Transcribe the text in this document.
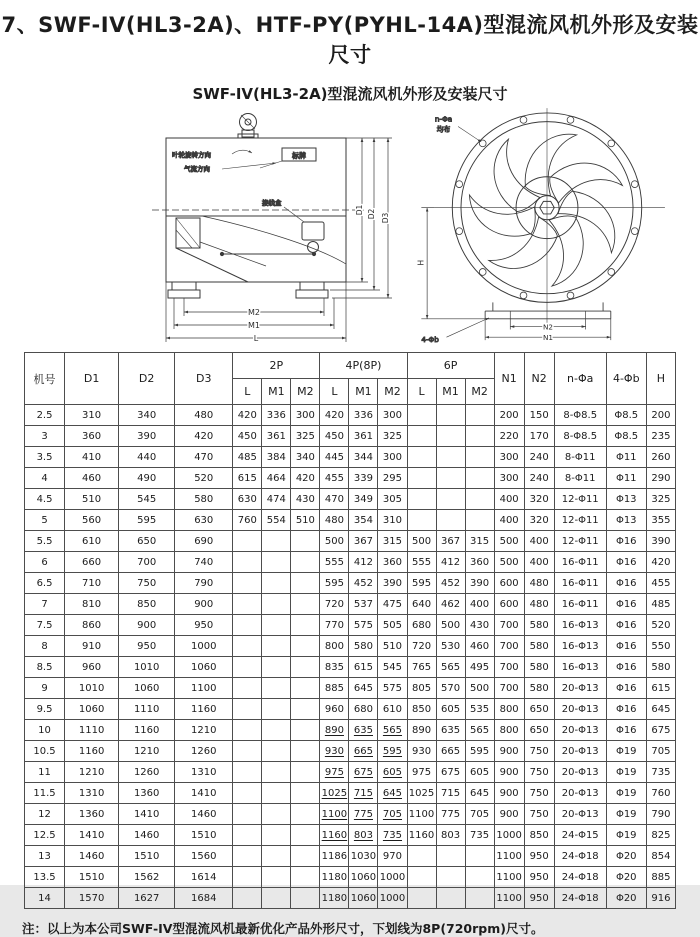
7、SWF-IV(HL3-2A)、HTF-PY(PYHL-14A)型混流风机外形及安装尺寸
SWF-IV(HL3-2A)型混流风机外形及安装尺寸
标牌
叶轮旋转方向
气流方向
接线盒
M2
M1
L
D1 D2 D3
N2
N1
H
n-Φa
均布
4-Φb
机号	D1	D2	D3	2P			4P(8P)			6P			N1	N2	n-Φa	4-Φb	H
				L	M1	M2	L	M1	M2	L	M1	M2					
2.5	310	340	480	420	336	300	420	336	300				200	150	8-Φ8.5	Φ8.5	200
3	360	390	420	450	361	325	450	361	325				220	170	8-Φ8.5	Φ8.5	235
3.5	410	440	470	485	384	340	445	344	300				300	240	8-Φ11	Φ11	260
4	460	490	520	615	464	420	455	339	295				300	240	8-Φ11	Φ11	290
4.5	510	545	580	630	474	430	470	349	305				400	320	12-Φ11	Φ13	325
5	560	595	630	760	554	510	480	354	310				400	320	12-Φ11	Φ13	355
5.5	610	650	690				500	367	315	500	367	315	500	400	12-Φ11	Φ16	390
6	660	700	740				555	412	360	555	412	360	500	400	16-Φ11	Φ16	420
6.5	710	750	790				595	452	390	595	452	390	600	480	16-Φ11	Φ16	455
7	810	850	900				720	537	475	640	462	400	600	480	16-Φ11	Φ16	485
7.5	860	900	950				770	575	505	680	500	430	700	580	16-Φ13	Φ16	520
8	910	950	1000				800	580	510	720	530	460	700	580	16-Φ13	Φ16	550
8.5	960	1010	1060				835	615	545	765	565	495	700	580	16-Φ13	Φ16	580
9	1010	1060	1100				885	645	575	805	570	500	700	580	20-Φ13	Φ16	615
9.5	1060	1110	1160				960	680	610	850	605	535	800	650	20-Φ13	Φ16	645
10	1110	1160	1210				890	635	565	890	635	565	800	650	20-Φ13	Φ16	675
10.5	1160	1210	1260				930	665	595	930	665	595	900	750	20-Φ13	Φ19	705
11	1210	1260	1310				975	675	605	975	675	605	900	750	20-Φ13	Φ19	735
11.5	1310	1360	1410				1025	715	645	1025	715	645	900	750	20-Φ13	Φ19	760
12	1360	1410	1460				1100	775	705	1100	775	705	900	750	20-Φ13	Φ19	790
12.5	1410	1460	1510				1160	803	735	1160	803	735	1000	850	24-Φ15	Φ19	825
13	1460	1510	1560				1186	1030	970				1100	950	24-Φ18	Φ20	854
13.5	1510	1562	1614				1180	1060	1000				1100	950	24-Φ18	Φ20	885
14	1570	1627	1684				1180	1060	1000				1100	950	24-Φ18	Φ20	916

注：以上为本公司SWF-IV型混流风机最新优化产品外形尺寸，下划线为8P(720rpm)尺寸。
